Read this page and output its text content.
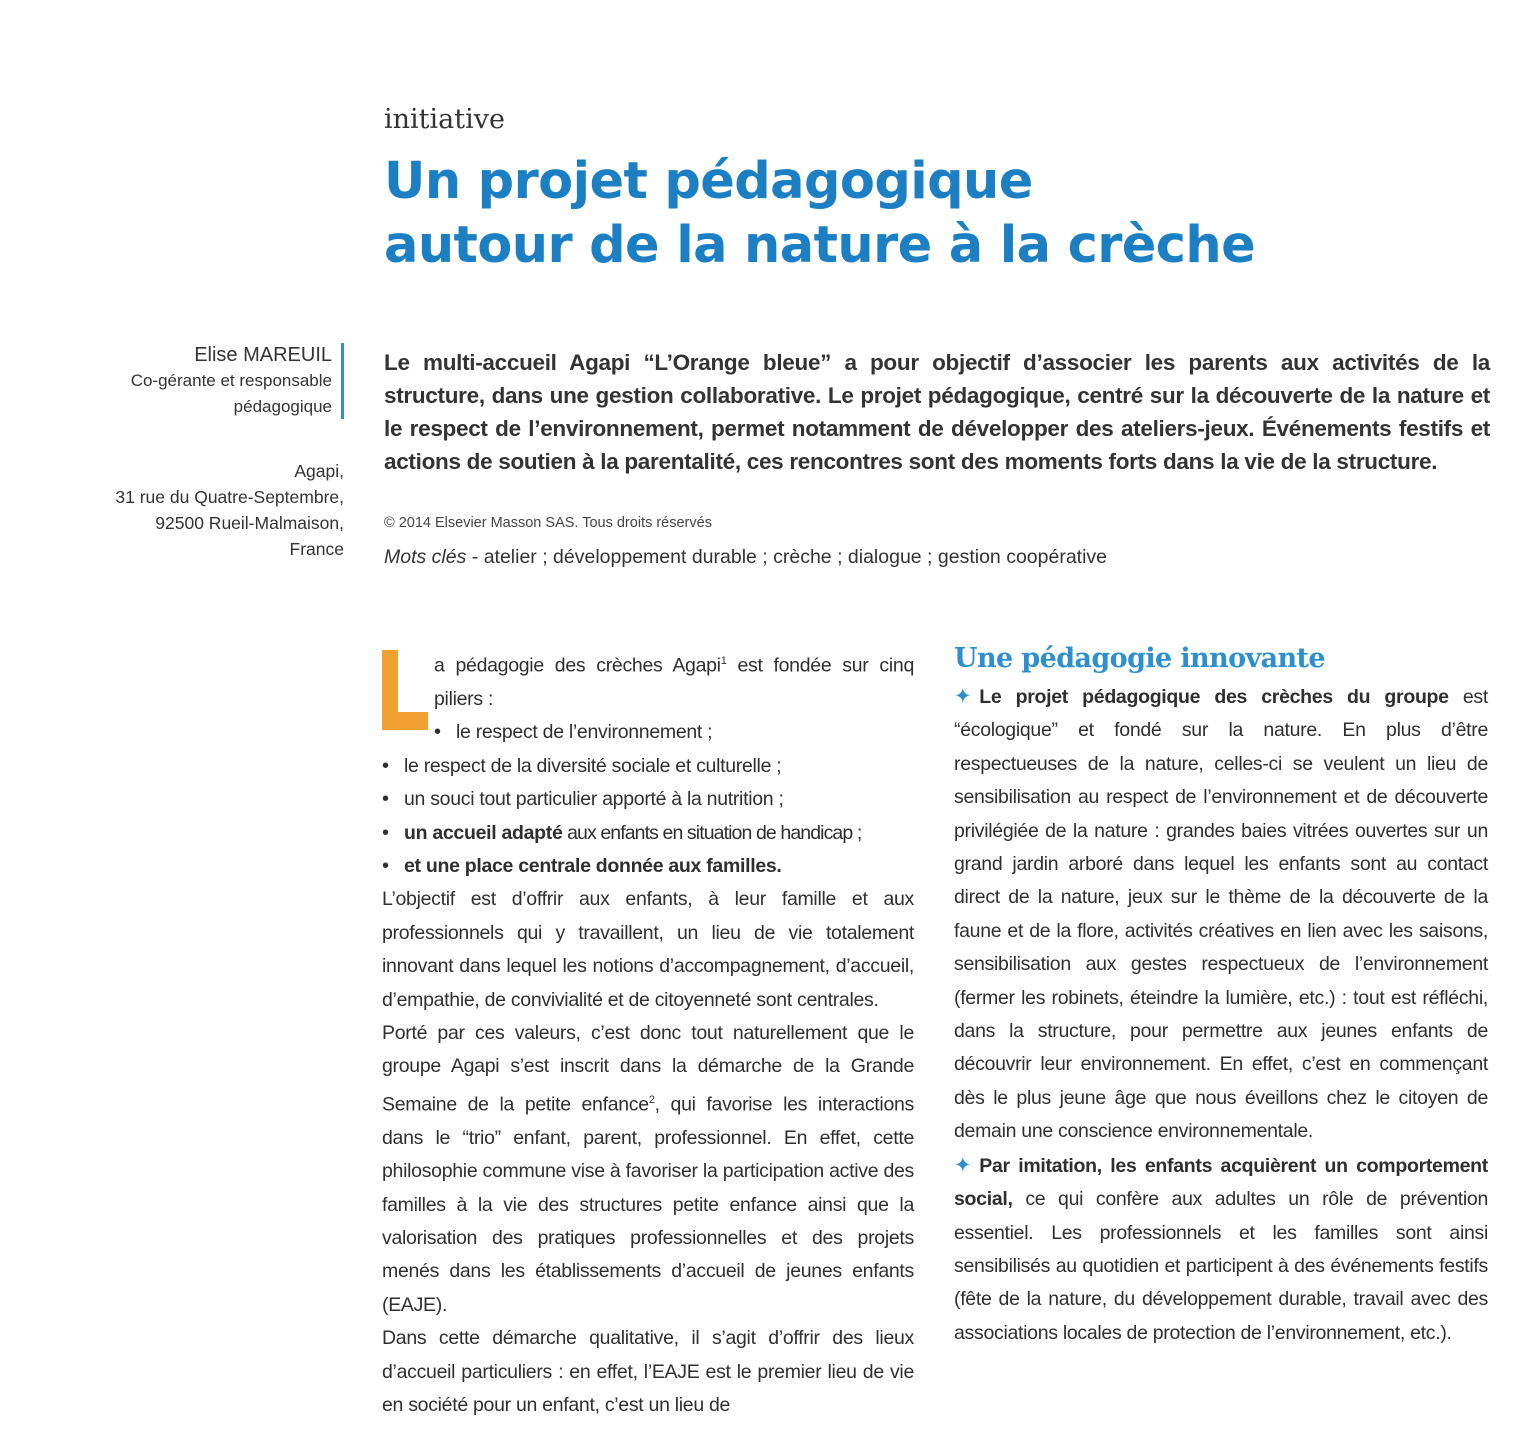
initiative
Un projet pédagogique
autour de la nature à la crèche
Elise MAREUIL
Co-gérante et responsable
pédagogique
Agapi,
31 rue du Quatre-Septembre,
92500 Rueil-Malmaison,
France

Le multi-accueil Agapi “L’Orange bleue” a pour objectif d’associer les parents aux activités de la structure, dans une gestion collaborative. Le projet pédagogique, centré sur la découverte de la nature et le respect de l’environnement, permet notamment de développer des ateliers-jeux. Événements festifs et actions de soutien à la parentalité, ces rencontres sont des moments forts dans la vie de la structure.

© 2014 Elsevier Masson SAS. Tous droits réservés
Mots clés - atelier ; développement durable ; crèche ; dialogue ; gestion coopérative

a pédagogie des crèches Agapi$^1$ est fondée sur cinq piliers :

• le respect de l’environnement ;

• le respect de la diversité sociale et culturelle ;

• un souci tout particulier apporté à la nutrition ;

• un accueil adapté aux enfants en situation de handicap ;

• et une place centrale donnée aux familles.

L’objectif est d’offrir aux enfants, à leur famille et aux professionnels qui y travaillent, un lieu de vie totalement innovant dans lequel les notions d’accompagnement, d’accueil, d’empathie, de convivialité et de citoyenneté sont centrales.

Porté par ces valeurs, c’est donc tout naturellement que le groupe Agapi s’est inscrit dans la démarche de la Grande Semaine de la petite enfance$^2$, qui favorise les interactions dans le “trio” enfant, parent, professionnel. En effet, cette philosophie commune vise à favoriser la participation active des familles à la vie des structures petite enfance ainsi que la valorisation des pratiques professionnelles et des projets menés dans les établissements d’accueil de jeunes enfants (EAJE).

Dans cette démarche qualitative, il s’agit d’offrir des lieux d’accueil particuliers : en effet, l’EAJE est le premier lieu de vie en société pour un enfant, c’est un lieu de

Une pédagogie innovante

✦ Le projet pédagogique des crèches du groupe est “écologique” et fondé sur la nature. En plus d’être respectueuses de la nature, celles-ci se veulent un lieu de sensibilisation au respect de l’environnement et de découverte privilégiée de la nature : grandes baies vitrées ouvertes sur un grand jardin arboré dans lequel les enfants sont au contact direct de la nature, jeux sur le thème de la découverte de la faune et de la flore, activités créatives en lien avec les saisons, sensibilisation aux gestes respectueux de l’environnement (fermer les robinets, éteindre la lumière, etc.) : tout est réfléchi, dans la structure, pour permettre aux jeunes enfants de découvrir leur environnement. En effet, c’est en commençant dès le plus jeune âge que nous éveillons chez le citoyen de demain une conscience environnementale.

✦ Par imitation, les enfants acquièrent un comportement social, ce qui confère aux adultes un rôle de prévention essentiel. Les professionnels et les familles sont ainsi sensibilisés au quotidien et participent à des événements festifs (fête de la nature, du développement durable, travail avec des associations locales de protection de l’environnement, etc.).
